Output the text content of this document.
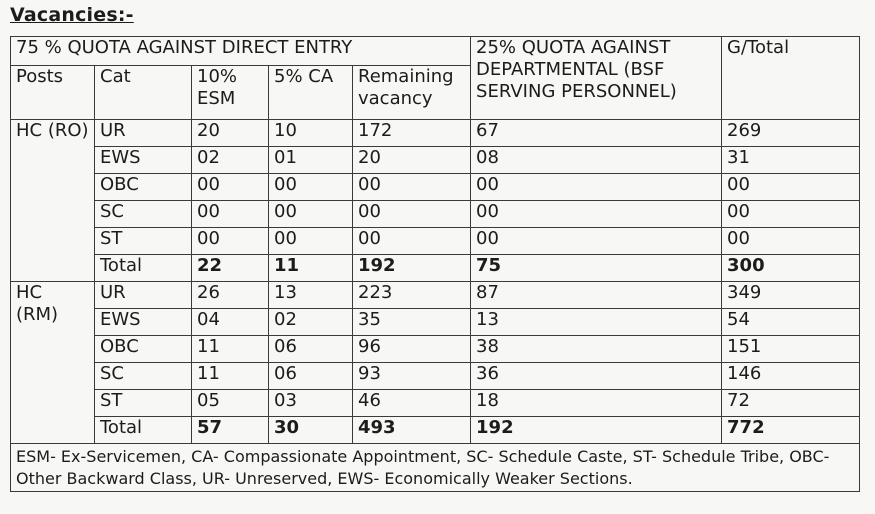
Vacancies:-
75 % QUOTA AGAINST DIRECT ENTRY					25% QUOTA AGAINST DEPARTMENTAL (BSF SERVING PERSONNEL)	G/Total
Posts	Cat	10% ESM	5% CA	Remaining vacancy		
HC (RO)	UR	20	10	172	67	269
	EWS	02	01	20	08	31
	OBC	00	00	00	00	00
	SC	00	00	00	00	00
	ST	00	00	00	00	00
	Total	22	11	192	75	300
HC (RM)	UR	26	13	223	87	349
	EWS	04	02	35	13	54
	OBC	11	06	96	38	151
	SC	11	06	93	36	146
	ST	05	03	46	18	72
	Total	57	30	493	192	772
ESM- Ex-Servicemen, CA- Compassionate Appointment, SC- Schedule Caste, ST- Schedule Tribe, OBC- Other Backward Class, UR- Unreserved, EWS- Economically Weaker Sections.						
